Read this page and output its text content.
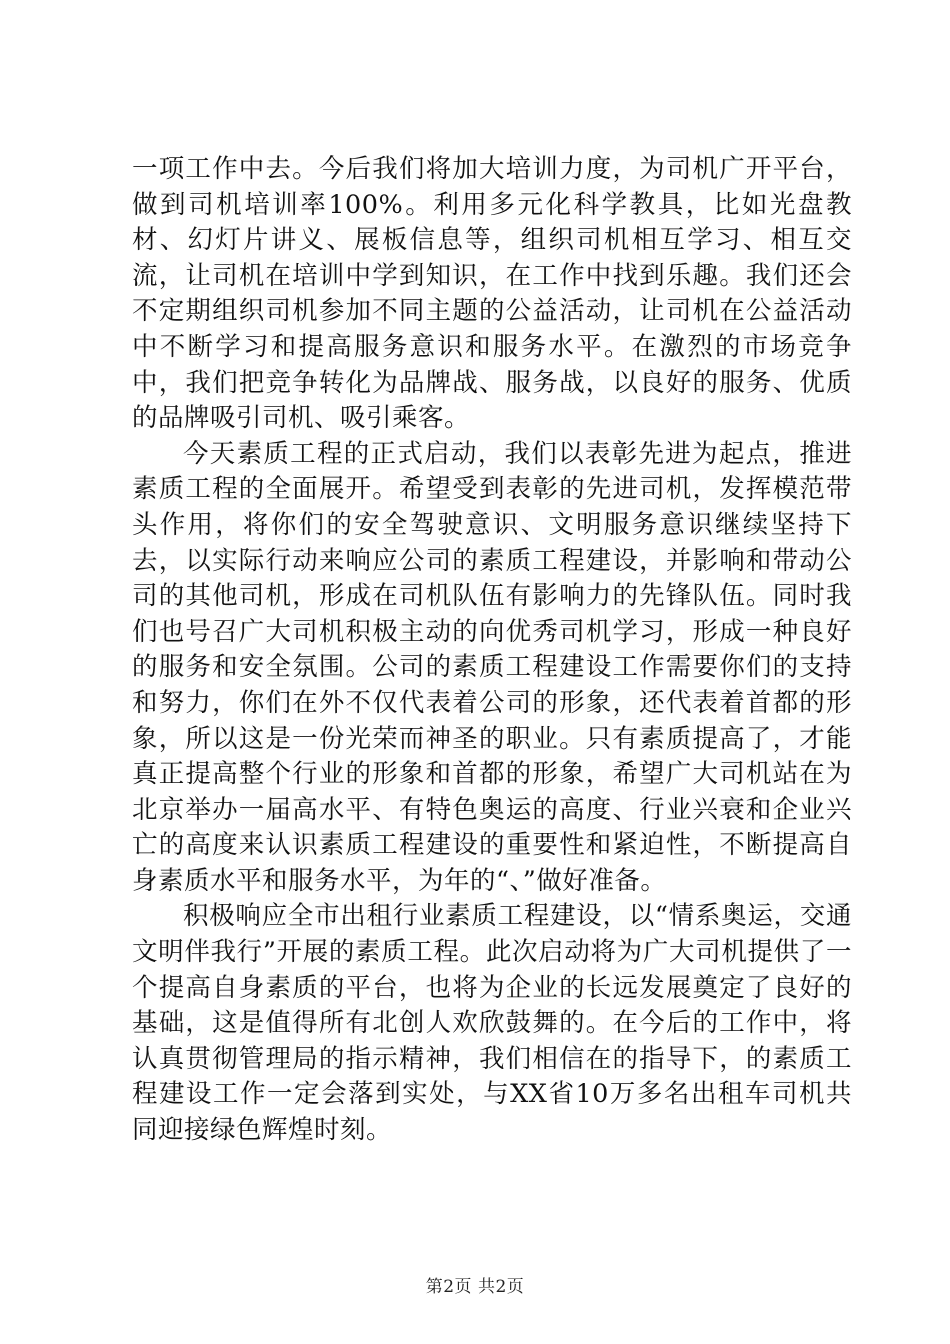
一项工作中去。今后我们将加大培训力度，为司机广开平台，做到司机培训率100%。利用多元化科学教具，比如光盘教材、幻灯片讲义、展板信息等，组织司机相互学习、相互交流，让司机在培训中学到知识，在工作中找到乐趣。我们还会不定期组织司机参加不同主题的公益活动，让司机在公益活动中不断学习和提高服务意识和服务水平。在激烈的市场竞争中，我们把竞争转化为品牌战、服务战，以良好的服务、优质的品牌吸引司机、吸引乘客。

今天素质工程的正式启动，我们以表彰先进为起点，推进素质工程的全面展开。希望受到表彰的先进司机，发挥模范带头作用，将你们的安全驾驶意识、文明服务意识继续坚持下去，以实际行动来响应公司的素质工程建设，并影响和带动公司的其他司机，形成在司机队伍有影响力的先锋队伍。同时我们也号召广大司机积极主动的向优秀司机学习，形成一种良好的服务和安全氛围。公司的素质工程建设工作需要你们的支持和努力，你们在外不仅代表着公司的形象，还代表着首都的形象，所以这是一份光荣而神圣的职业。只有素质提高了，才能真正提高整个行业的形象和首都的形象，希望广大司机站在为北京举办一届高水平、有特色奥运的高度、行业兴衰和企业兴亡的高度来认识素质工程建设的重要性和紧迫性，不断提高自身素质水平和服务水平，为年的“、”做好准备。

积极响应全市出租行业素质工程建设，以“情系奥运，交通文明伴我行”开展的素质工程。此次启动将为广大司机提供了一个提高自身素质的平台，也将为企业的长远发展奠定了良好的基础，这是值得所有北创人欢欣鼓舞的。在今后的工作中，将认真贯彻管理局的指示精神，我们相信在的指导下，的素质工程建设工作一定会落到实处，与XX省10万多名出租车司机共同迎接绿色辉煌时刻。

第2页 共2页
